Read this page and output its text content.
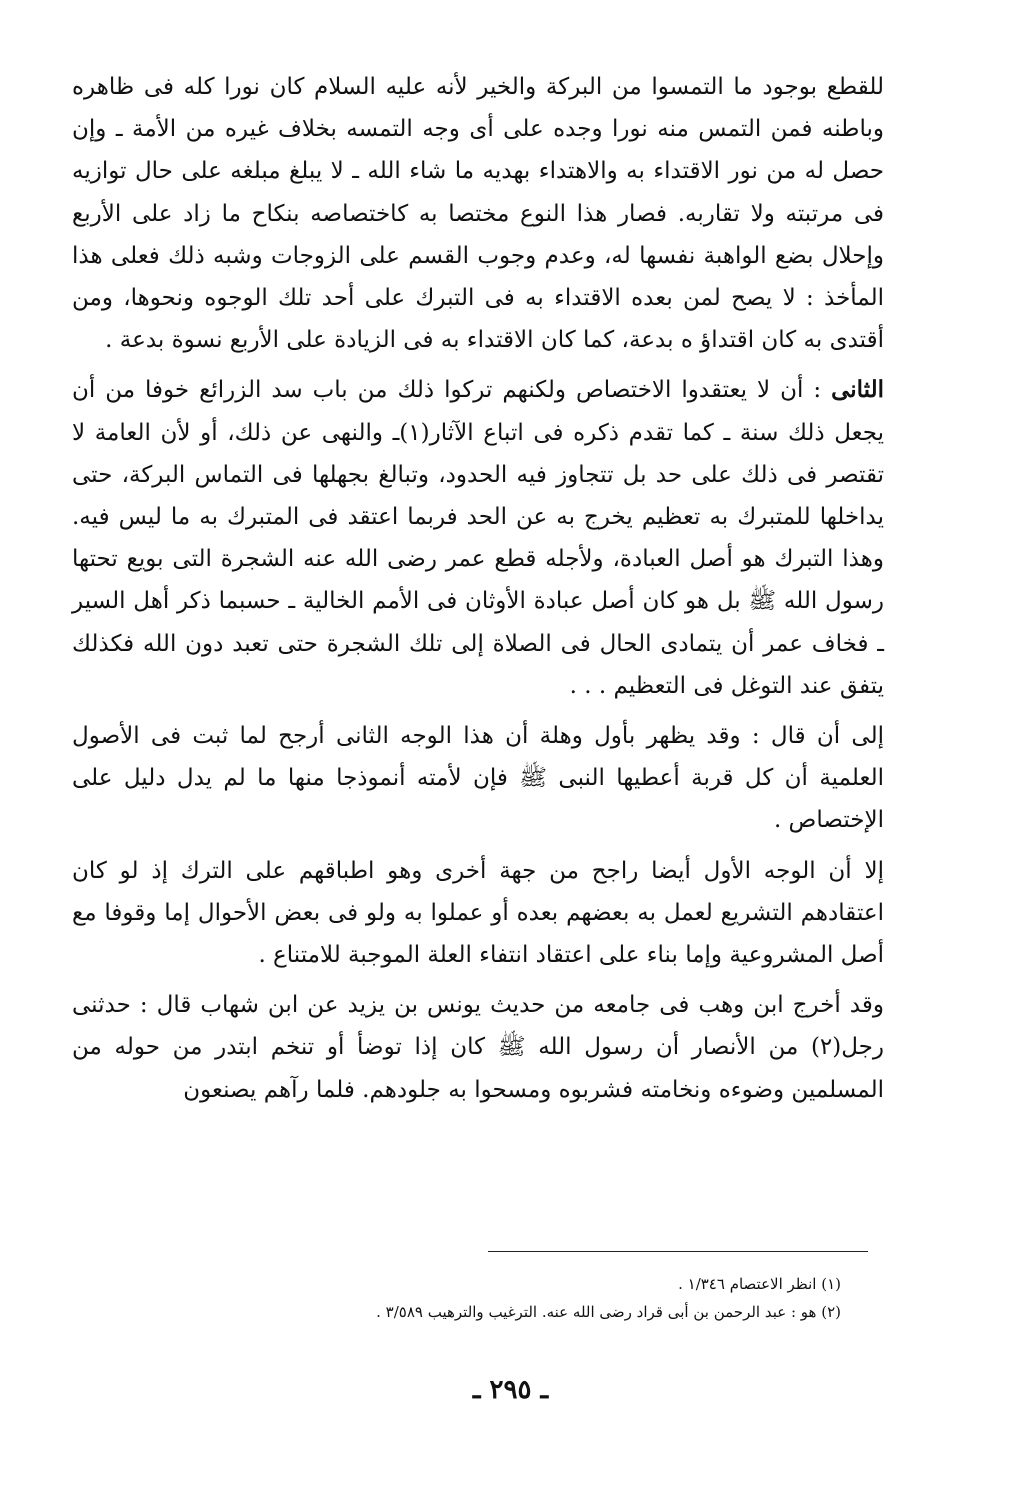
للقطع بوجود ما التمسوا من البركة والخير لأنه عليه السلام كان نورا كله فى ظاهره وباطنه فمن التمس منه نورا وجده على أى وجه التمسه بخلاف غيره من الأمة ـ وإن حصل له من نور الاقتداء به والاهتداء بهديه ما شاء الله ـ لا يبلغ مبلغه على حال توازيه فى مرتبته ولا تقاربه. فصار هذا النوع مختصا به كاختصاصه بنكاح ما زاد على الأربع وإحلال بضع الواهبة نفسها له، وعدم وجوب القسم على الزوجات وشبه ذلك فعلى هذا المأخذ : لا يصح لمن بعده الاقتداء به فى التبرك على أحد تلك الوجوه ونحوها، ومن أقتدى به كان اقتداؤ ه بدعة، كما كان الاقتداء به فى الزيادة على الأربع نسوة بدعة .

الثانى : أن لا يعتقدوا الاختصاص ولكنهم تركوا ذلك من باب سد الزرائع خوفا من أن يجعل ذلك سنة ـ كما تقدم ذكره فى اتباع الآثار(١)ـ والنهى عن ذلك، أو لأن العامة لا تقتصر فى ذلك على حد بل تتجاوز فيه الحدود، وتبالغ بجهلها فى التماس البركة، حتى يداخلها للمتبرك به تعظيم يخرج به عن الحد فربما اعتقد فى المتبرك به ما ليس فيه. وهذا التبرك هو أصل العبادة، ولأجله قطع عمر رضى الله عنه الشجرة التى بويع تحتها رسول الله ﷺ بل هو كان أصل عبادة الأوثان فى الأمم الخالية ـ حسبما ذكر أهل السير ـ فخاف عمر أن يتمادى الحال فى الصلاة إلى تلك الشجرة حتى تعبد دون الله فكذلك يتفق عند التوغل فى التعظيم . . .

إلى أن قال : وقد يظهر بأول وهلة أن هذا الوجه الثانى أرجح لما ثبت فى الأصول العلمية أن كل قربة أعطيها النبى ﷺ فإن لأمته أنموذجا منها ما لم يدل دليل على الإختصاص .

إلا أن الوجه الأول أيضا راجح من جهة أخرى وهو اطباقهم على الترك إذ لو كان اعتقادهم التشريع لعمل به بعضهم بعده أو عملوا به ولو فى بعض الأحوال إما وقوفا مع أصل المشروعية وإما بناء على اعتقاد انتفاء العلة الموجبة للامتناع .

وقد أخرج ابن وهب فى جامعه من حديث يونس بن يزيد عن ابن شهاب قال : حدثنى رجل(٢) من الأنصار أن رسول الله ﷺ كان إذا توضأ أو تنخم ابتدر من حوله من المسلمين وضوءه ونخامته فشربوه ومسحوا به جلودهم. فلما رآهم يصنعون

(١) انظر الاعتصام ١/٣٤٦ .

(٢) هو : عبد الرحمن بن أبى قراد رضى الله عنه. الترغيب والترهيب ٣/٥٨٩ .

ـ ٢٩٥ ـ
